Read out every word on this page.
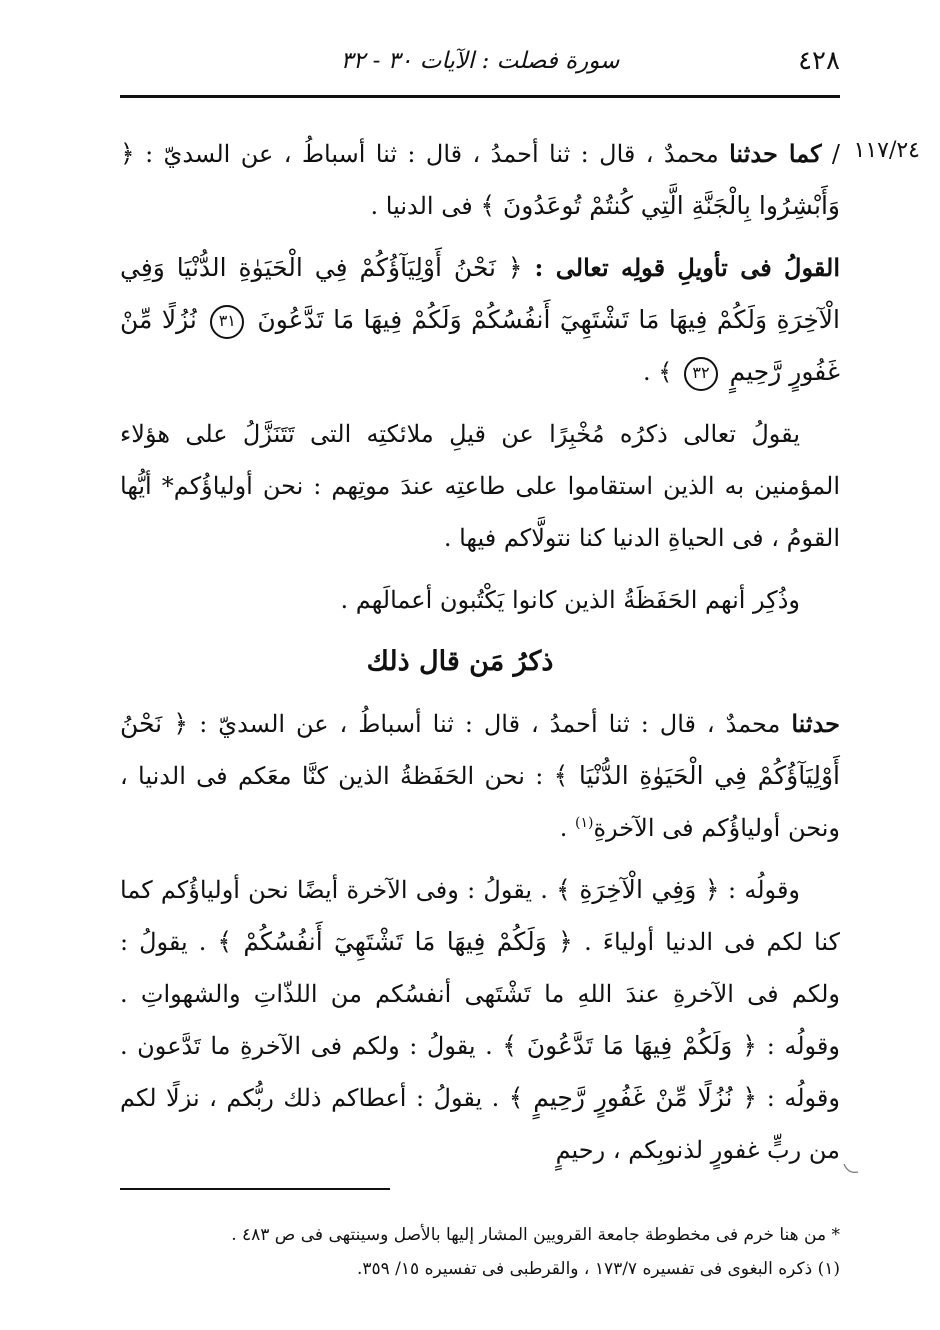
٤٢٨
سورة فصلت : الآيات ٣٠ - ٣٢
١١٧/٢٤

/ كما حدثنا محمدٌ ، قال : ثنا أحمدُ ، قال : ثنا أسباطُ ، عن السديّ : ﴿ وَأَبْشِرُوا بِالْجَنَّةِ الَّتِي كُنتُمْ تُوعَدُونَ ﴾ فى الدنيا .

القولُ فى تأويلِ قولِه تعالى : ﴿ نَحْنُ أَوْلِيَآؤُكُمْ فِي الْحَيَوٰةِ الدُّنْيَا وَفِي الْآخِرَةِ وَلَكُمْ فِيهَا مَا تَشْتَهِيٓ أَنفُسُكُمْ وَلَكُمْ فِيهَا مَا تَدَّعُونَ ٣١ نُزُلًا مِّنْ غَفُورٍ رَّحِيمٍ ٣٢ ﴾ .

يقولُ تعالى ذكرُه مُخْبِرًا عن قيلِ ملائكتِه التى تَتَنَزَّلُ على هؤلاء المؤمنين به الذين استقاموا على طاعتِه عندَ موتِهم : نحن أولياؤُكم* أيُّها القومُ ، فى الحياةِ الدنيا كنا نتولَّاكم فيها .

وذُكِر أنهم الحَفَظَةُ الذين كانوا يَكْتُبون أعمالَهم .

ذكرُ مَن قال ذلك

حدثنا محمدٌ ، قال : ثنا أحمدُ ، قال : ثنا أسباطُ ، عن السديّ : ﴿ نَحْنُ أَوْلِيَآؤُكُمْ فِي الْحَيَوٰةِ الدُّنْيَا ﴾ : نحن الحَفَظةُ الذين كنَّا معَكم فى الدنيا ، ونحن أولياؤُكم فى الآخرةِ$^{(١)}$ .

وقولُه : ﴿ وَفِي الْآخِرَةِ ﴾ . يقولُ : وفى الآخرة أيضًا نحن أولياؤُكم كما كنا لكم فى الدنيا أولياءَ . ﴿ وَلَكُمْ فِيهَا مَا تَشْتَهِيٓ أَنفُسُكُمْ ﴾ . يقولُ : ولكم فى الآخرةِ عندَ اللهِ ما تَشْتَهى أنفسُكم من اللذّاتِ والشهواتِ . وقولُه : ﴿ وَلَكُمْ فِيهَا مَا تَدَّعُونَ ﴾ . يقولُ : ولكم فى الآخرةِ ما تَدَّعون . وقولُه : ﴿ نُزُلًا مِّنْ غَفُورٍ رَّحِيمٍ ﴾ . يقولُ : أعطاكم ذلك ربُّكم ، نزلًا لكم من ربٍّ غفورٍ لذنوبِكم ، رحيمٍ

* من هنا خرم فى مخطوطة جامعة القرويين المشار إليها بالأصل وسينتهى فى ص ٤٨٣ .

(١) ذكره البغوى فى تفسيره ١٧٣/٧ ، والقرطبى فى تفسيره ١٥/ ٣٥٩.
